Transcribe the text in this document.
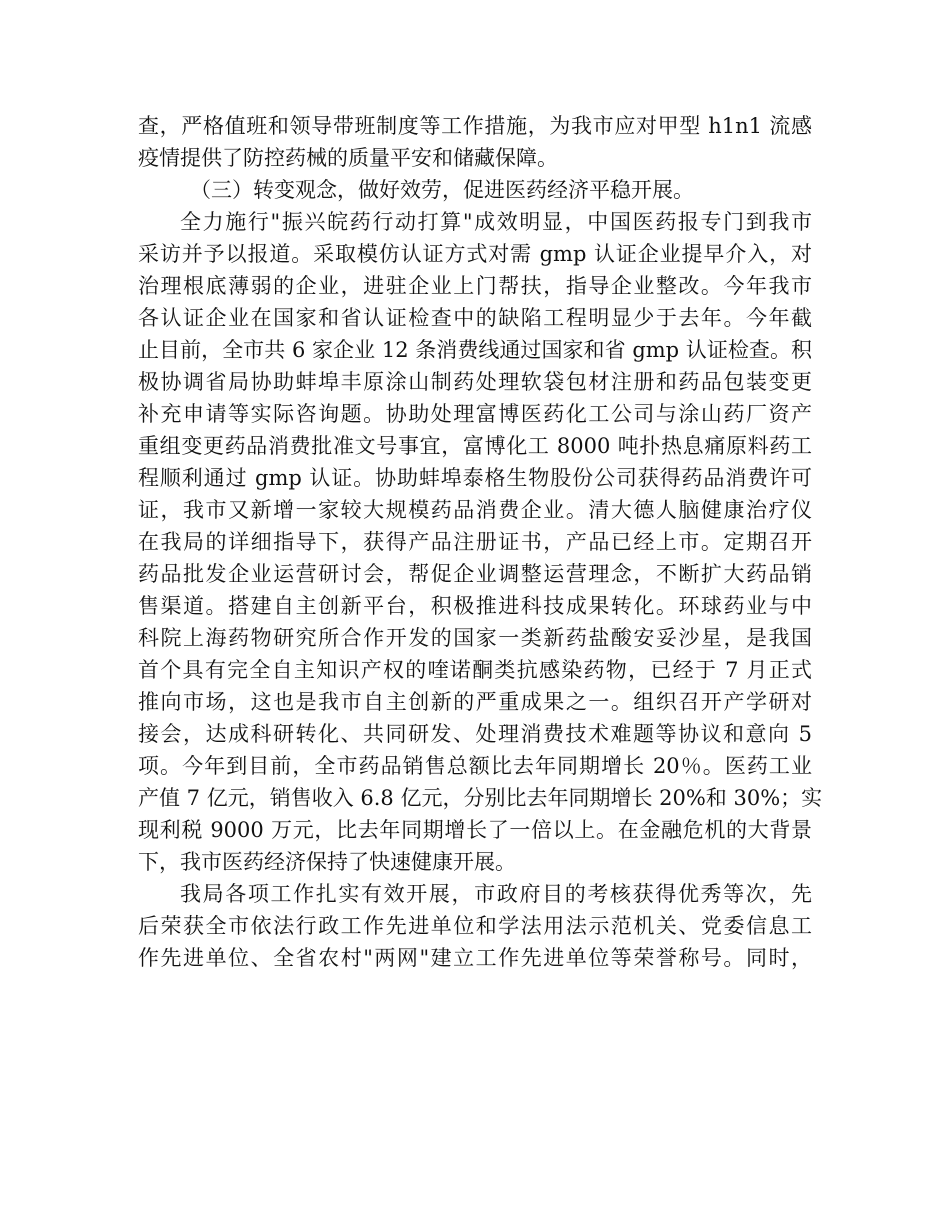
查，严格值班和领导带班制度等工作措施，为我市应对甲型 h1n1 流感
疫情提供了防控药械的质量平安和储藏保障。
（三）转变观念，做好效劳，促进医药经济平稳开展。
全力施行"振兴皖药行动打算"成效明显，中国医药报专门到我市
采访并予以报道。采取模仿认证方式对需 gmp 认证企业提早介入，对
治理根底薄弱的企业，进驻企业上门帮扶，指导企业整改。今年我市
各认证企业在国家和省认证检查中的缺陷工程明显少于去年。今年截
止目前，全市共 6 家企业 12 条消费线通过国家和省 gmp 认证检查。积
极协调省局协助蚌埠丰原涂山制药处理软袋包材注册和药品包装变更
补充申请等实际咨询题。协助处理富博医药化工公司与涂山药厂资产
重组变更药品消费批准文号事宜，富博化工 8000 吨扑热息痛原料药工
程顺利通过 gmp 认证。协助蚌埠泰格生物股份公司获得药品消费许可
证，我市又新增一家较大规模药品消费企业。清大德人脑健康治疗仪
在我局的详细指导下，获得产品注册证书，产品已经上市。定期召开
药品批发企业运营研讨会，帮促企业调整运营理念，不断扩大药品销
售渠道。搭建自主创新平台，积极推进科技成果转化。环球药业与中
科院上海药物研究所合作开发的国家一类新药盐酸安妥沙星，是我国
首个具有完全自主知识产权的喹诺酮类抗感染药物，已经于 7 月正式
推向市场，这也是我市自主创新的严重成果之一。组织召开产学研对
接会，达成科研转化、共同研发、处理消费技术难题等协议和意向 5
项。今年到目前，全市药品销售总额比去年同期增长 20％。医药工业
产值 7 亿元，销售收入 6.8 亿元，分别比去年同期增长 20%和 30%；实
现利税 9000 万元，比去年同期增长了一倍以上。在金融危机的大背景
下，我市医药经济保持了快速健康开展。
我局各项工作扎实有效开展，市政府目的考核获得优秀等次，先
后荣获全市依法行政工作先进单位和学法用法示范机关、党委信息工
作先进单位、全省农村"两网"建立工作先进单位等荣誉称号。同时，
